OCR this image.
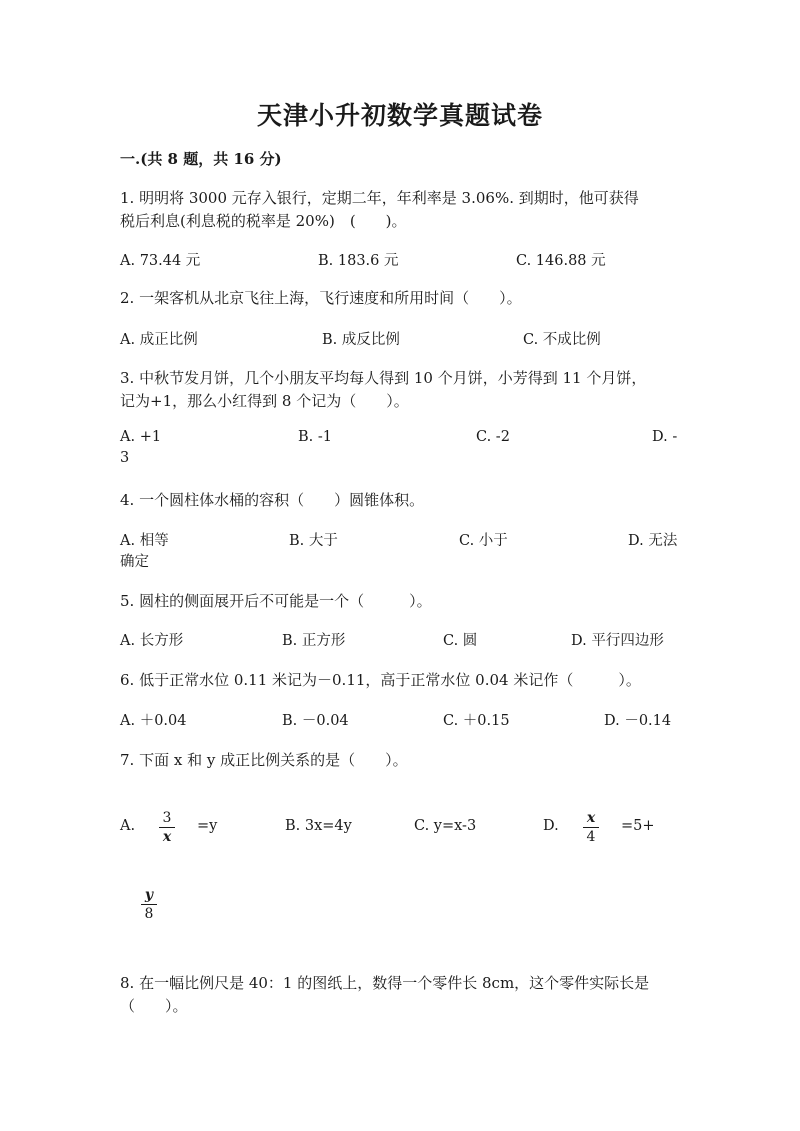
天津小升初数学真题试卷
一.(共 8 题，共 16 分)
1. 明明将 3000 元存入银行，定期二年，年利率是 3.06%. 到期时，他可获得
税后利息(利息税的税率是 20%)　(　　)。
A. 73.44 元	B. 183.6 元	C. 146.88 元
2. 一架客机从北京飞往上海，飞行速度和所用时间（　　）。
A. 成正比例	B. 成反比例	C. 不成比例
3. 中秋节发月饼，几个小朋友平均每人得到 10 个月饼，小芳得到 11 个月饼，
记为+1，那么小红得到 8 个记为（　　）。
A. +1	B. -1	C. -2	D. -
3
4. 一个圆柱体水桶的容积（　　）圆锥体积。
A. 相等	B. 大于	C. 小于	D. 无法
确定
5. 圆柱的侧面展开后不可能是一个（　　　）。
A. 长方形	B. 正方形	C. 圆	D. 平行四边形
6. 低于正常水位 0.11 米记为－0.11，高于正常水位 0.04 米记作（　　　）。
A. ＋0.04	B. －0.04	C. ＋0.15	D. －0.14
7. 下面 x 和 y 成正比例关系的是（　　）。
A. 3
x
=y	B. 3x=4y	C. y=x-3	D. x
4
=5+
y
8
8. 在一幅比例尺是 40：1 的图纸上，数得一个零件长 8cm，这个零件实际长是
（　　）。
